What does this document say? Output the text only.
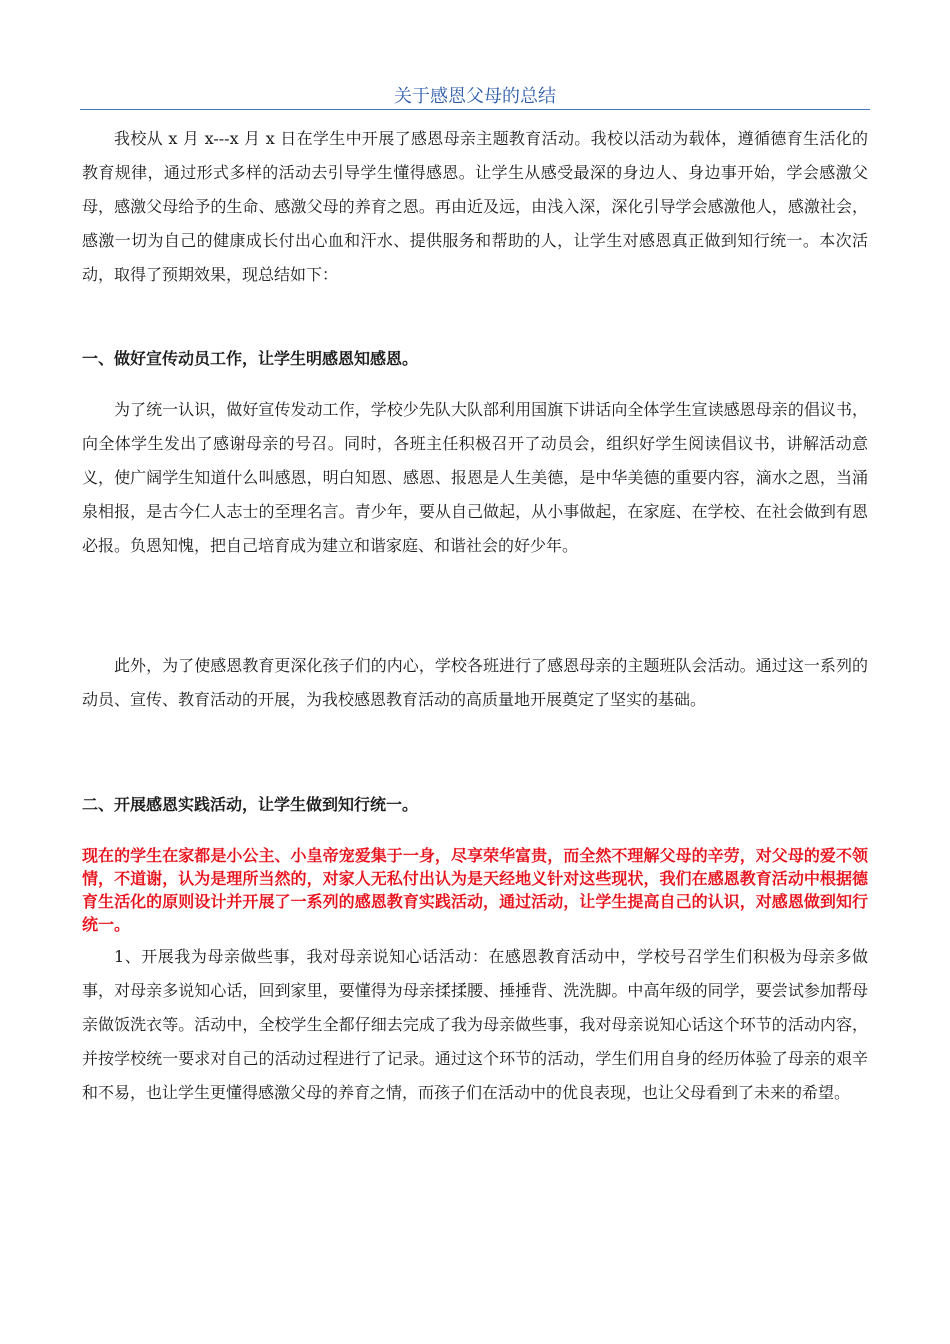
关于感恩父母的总结

我校从 x 月 x---x 月 x 日在学生中开展了感恩母亲主题教育活动。我校以活动为载体，遵循德育生活化的教育规律，通过形式多样的活动去引导学生懂得感恩。让学生从感受最深的身边人、身边事开始，学会感激父母，感激父母给予的生命、感激父母的养育之恩。再由近及远，由浅入深，深化引导学会感激他人，感激社会，感激一切为自己的健康成长付出心血和汗水、提供服务和帮助的人，让学生对感恩真正做到知行统一。本次活动，取得了预期效果，现总结如下：

一、做好宣传动员工作，让学生明感恩知感恩。

为了统一认识，做好宣传发动工作，学校少先队大队部利用国旗下讲话向全体学生宣读感恩母亲的倡议书，向全体学生发出了感谢母亲的号召。同时，各班主任积极召开了动员会，组织好学生阅读倡议书，讲解活动意义，使广阔学生知道什么叫感恩，明白知恩、感恩、报恩是人生美德，是中华美德的重要内容，滴水之恩，当涌泉相报，是古今仁人志士的至理名言。青少年，要从自己做起，从小事做起，在家庭、在学校、在社会做到有恩必报。负恩知愧，把自己培育成为建立和谐家庭、和谐社会的好少年。

此外，为了使感恩教育更深化孩子们的内心，学校各班进行了感恩母亲的主题班队会活动。通过这一系列的动员、宣传、教育活动的开展，为我校感恩教育活动的高质量地开展奠定了坚实的基础。

二、开展感恩实践活动，让学生做到知行统一。

现在的学生在家都是小公主、小皇帝宠爱集于一身，尽享荣华富贵，而全然不理解父母的辛劳，对父母的爱不领情，不道谢，认为是理所当然的，对家人无私付出认为是天经地义针对这些现状，我们在感恩教育活动中根据德育生活化的原则设计并开展了一系列的感恩教育实践活动，通过活动，让学生提高自己的认识，对感恩做到知行统一。

1、开展我为母亲做些事，我对母亲说知心话活动：在感恩教育活动中，学校号召学生们积极为母亲多做事，对母亲多说知心话，回到家里，要懂得为母亲揉揉腰、捶捶背、洗洗脚。中高年级的同学，要尝试参加帮母亲做饭洗衣等。活动中，全校学生全都仔细去完成了我为母亲做些事，我对母亲说知心话这个环节的活动内容，并按学校统一要求对自己的活动过程进行了记录。通过这个环节的活动，学生们用自身的经历体验了母亲的艰辛和不易，也让学生更懂得感激父母的养育之情，而孩子们在活动中的优良表现，也让父母看到了未来的希望。
